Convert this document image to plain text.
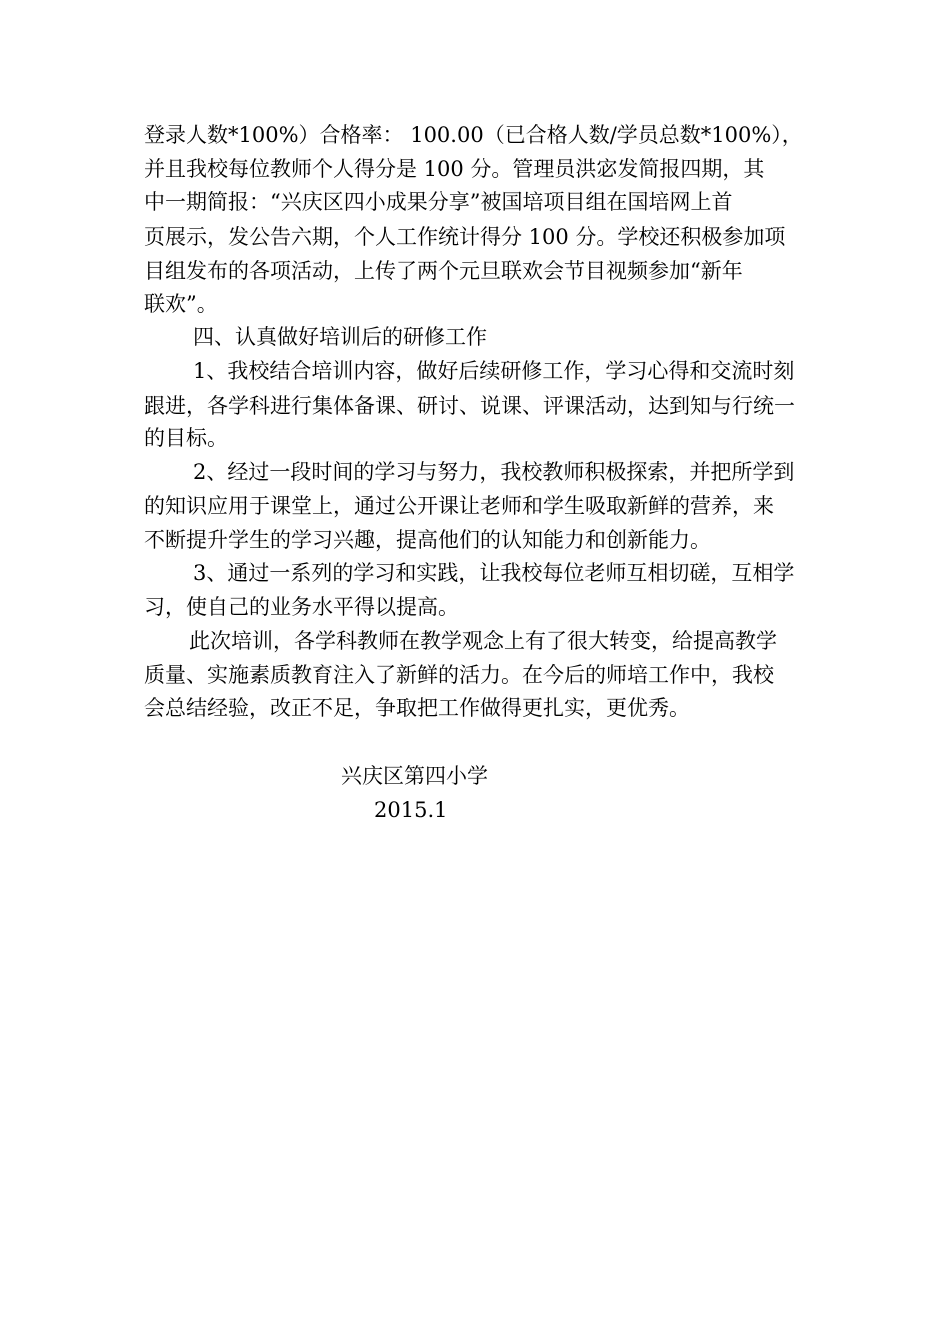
登录人数*100%）合格率： 100.00（已合格人数/学员总数*100%），
并且我校每位教师个人得分是 100 分。管理员洪宓发简报四期，其
中一期简报：“兴庆区四小成果分享”被国培项目组在国培网上首
页展示，发公告六期，个人工作统计得分 100 分。学校还积极参加项
目组发布的各项活动，上传了两个元旦联欢会节目视频参加“新年
联欢”。
四、认真做好培训后的研修工作
1、我校结合培训内容，做好后续研修工作，学习心得和交流时刻
跟进，各学科进行集体备课、研讨、说课、评课活动，达到知与行统一
的目标。
2、经过一段时间的学习与努力，我校教师积极探索，并把所学到
的知识应用于课堂上，通过公开课让老师和学生吸取新鲜的营养，来
不断提升学生的学习兴趣，提高他们的认知能力和创新能力。
3、通过一系列的学习和实践，让我校每位老师互相切磋，互相学
习，使自己的业务水平得以提高。
此次培训，各学科教师在教学观念上有了很大转变，给提高教学
质量、实施素质教育注入了新鲜的活力。在今后的师培工作中，我校
会总结经验，改正不足，争取把工作做得更扎实，更优秀。
兴庆区第四小学
2015.1
